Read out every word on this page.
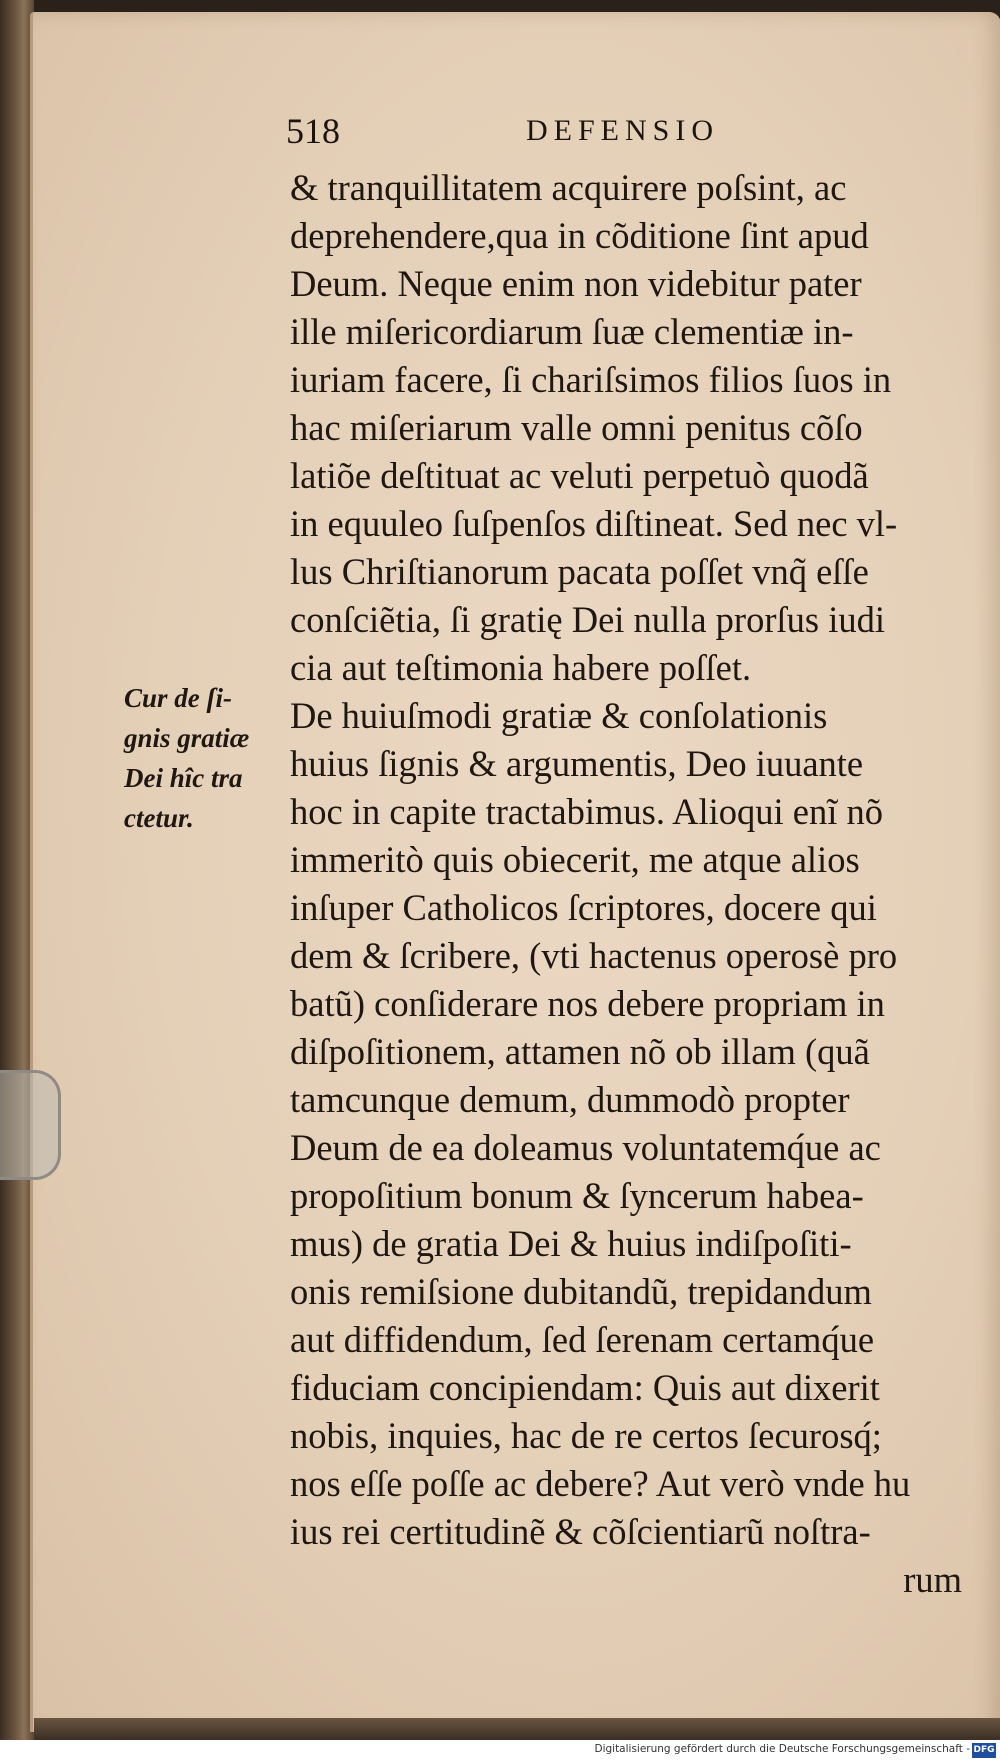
518	DEFENSIO
Cur de ſi-
gnis gratiæ
Dei hîc tra
ctetur.
& tranquillitatem acquirere poſsint, ac
deprehendere,qua in cõditione ſint apud
Deum. Neque enim non videbitur pater
ille miſericordiarum ſuæ clementiæ in-
iuriam facere, ſi chariſsimos filios ſuos in
hac miſeriarum valle omni penitus cõſo
latiõe deſtituat ac veluti perpetuò quodã
in equuleo ſuſpenſos diſtineat. Sed nec vl-
lus Chriſtianorum pacata poſſet vnq̃ eſſe
conſciẽtia, ſi gratię Dei nulla prorſus iudi
cia aut teſtimonia habere poſſet.
De huiuſmodi gratiæ & conſolationis
huius ſignis & argumentis, Deo iuuante
hoc in capite tractabimus. Alioqui enĩ nõ
immeritò quis obiecerit, me atque alios
inſuper Catholicos ſcriptores, docere qui
dem & ſcribere, (vti hactenus operosè pro
batũ) conſiderare nos debere propriam in
diſpoſitionem, attamen nõ ob illam (quã
tamcunque demum, dummodò propter
Deum de ea doleamus voluntatemq́ue ac
propoſitium bonum & ſyncerum habea-
mus) de gratia Dei & huius indiſpoſiti-
onis remiſsione dubitandũ, trepidandum
aut diffidendum, ſed ſerenam certamq́ue
fiduciam concipiendam: Quis aut dixerit
nobis, inquies, hac de re certos ſecurosq́;
nos eſſe poſſe ac debere? Aut verò vnde hu
ius rei certitudinẽ & cõſcientiarũ noſtra-
rum
Digitalisierung gefördert durch die Deutsche Forschungsgemeinschaft - DFG
